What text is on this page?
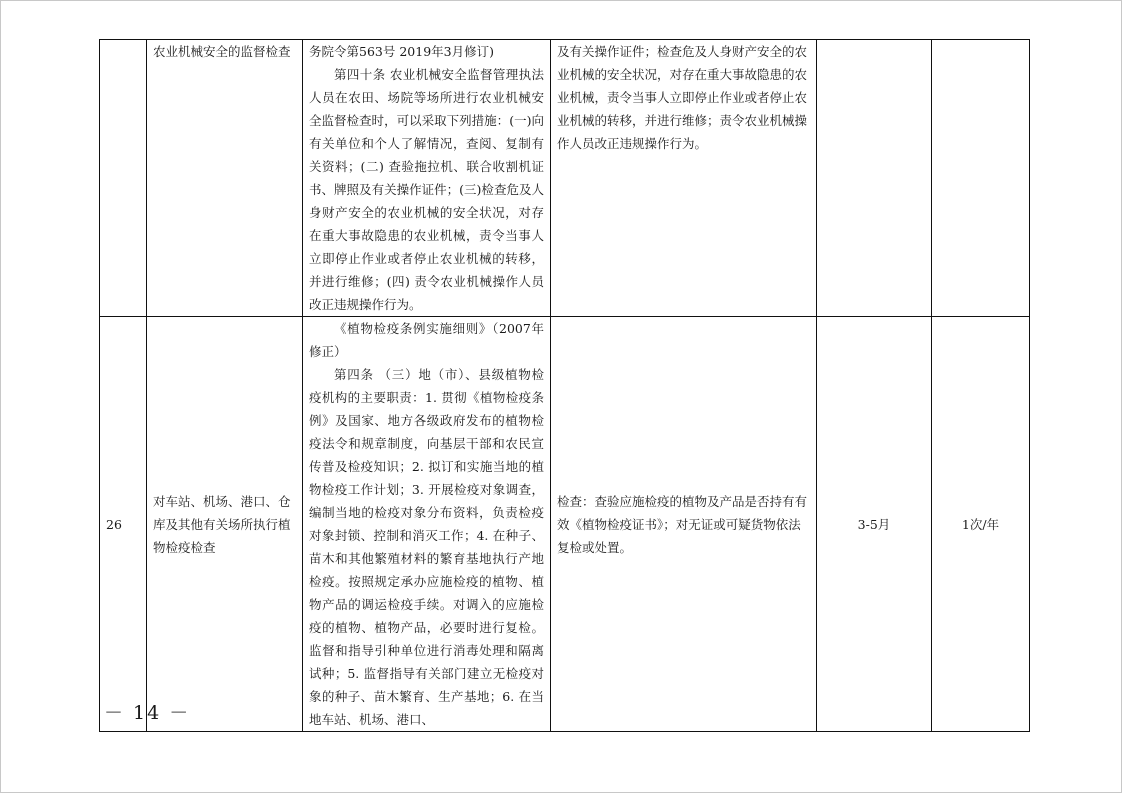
	农业机械安全的监督检查	务院令第563号 2019年3月修订)

第四十条 农业机械安全监督管理执法人员在农田、场院等场所进行农业机械安全监督检查时，可以采取下列措施：(一)向有关单位和个人了解情况，查阅、复制有关资料；(二) 查验拖拉机、联合收割机证书、牌照及有关操作证件；(三)检查危及人身财产安全的农业机械的安全状况，对存在重大事故隐患的农业机械，责令当事人立即停止作业或者停止农业机械的转移，并进行维修；(四) 责令农业机械操作人员改正违规操作行为。	及有关操作证件；检查危及人身财产安全的农业机械的安全状况，对存在重大事故隐患的农业机械，责令当事人立即停止作业或者停止农业机械的转移，并进行维修；责令农业机械操作人员改正违规操作行为。		
26	对车站、机场、港口、仓库及其他有关场所执行植物检疫检查	《植物检疫条例实施细则》（2007年修正）

第四条 （三）地（市）、县级植物检疫机构的主要职责：1. 贯彻《植物检疫条例》及国家、地方各级政府发布的植物检疫法令和规章制度，向基层干部和农民宣传普及检疫知识；2. 拟订和实施当地的植物检疫工作计划；3. 开展检疫对象调查，编制当地的检疫对象分布资料，负责检疫对象封锁、控制和消灭工作；4. 在种子、苗木和其他繁殖材料的繁育基地执行产地检疫。按照规定承办应施检疫的植物、植物产品的调运检疫手续。对调入的应施检疫的植物、植物产品，必要时进行复检。监督和指导引种单位进行消毒处理和隔离试种；5. 监督指导有关部门建立无检疫对象的种子、苗木繁育、生产基地；6. 在当地车站、机场、港口、	检查：查验应施检疫的植物及产品是否持有有效《植物检疫证书》；对无证或可疑货物依法复检或处置。	3-5月	1次/年
－ 14 －
